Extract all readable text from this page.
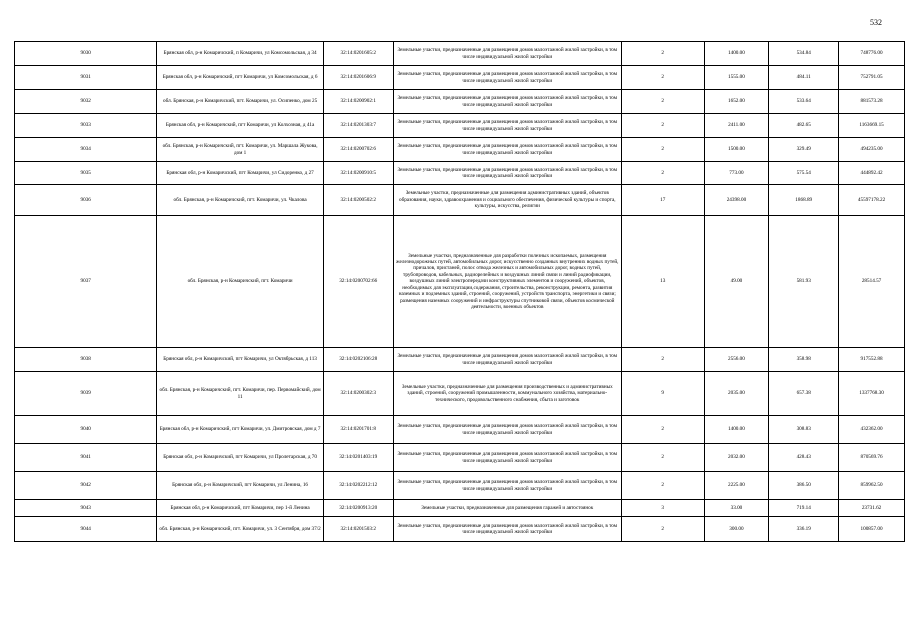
532
9030	Брянская обл, р-н Комаричский, п Комаричи, ул Комсомольская, д 34	32:14:0201605:2	Земельные участки, предназначенные для размещения домов малоэтажной жилой застройки, в том числе индивидуальной жилой застройки	2	1400.00	534.84	748776.00
9031	Брянская обл, р-н Комаричский, пгт Комаричи, ул Комсомольская, д 6	32:14:0201606:9	Земельные участки, предназначенные для размещения домов малоэтажной жилой застройки, в том числе индивидуальной жилой застройки	2	1555.00	484.11	752791.05
9032	обл. Брянская, р-н Комаричский, пгт. Комаричи, ул. Осипенко, дом 25	32:14:0200902:1	Земельные участки, предназначенные для размещения домов малоэтажной жилой застройки, в том числе индивидуальной жилой застройки	2	1652.00	533.64	881573.28
9033	Брянская обл, р-н Комаричский, пгт Комаричи, ул Колхозная, д 41а	32:14:0201303:7	Земельные участки, предназначенные для размещения домов малоэтажной жилой застройки, в том числе индивидуальной жилой застройки	2	2411.00	482.65	1163669.15
9034	обл. Брянская, р-н Комаричский, пгт. Комаричи, ул. Маршала Жукова, дом 1	32:14:0200702:6	Земельные участки, предназначенные для размещения домов малоэтажной жилой застройки, в том числе индивидуальной жилой застройки	2	1500.00	329.49	494235.00
9035	Брянская обл, р-н Комаричский, пгт Комаричи, ул Сидоренко, д 27	32:14:0200910:5	Земельные участки, предназначенные для размещения домов малоэтажной жилой застройки, в том числе индивидуальной жилой застройки	2	773.00	575.54	444892.42
9036	обл. Брянская, р-н Комаричский, пгт. Комаричи, ул. Чкалова	32:14:0200502:2	Земельные участки, предназначенные для размещения административных зданий, объектов образования, науки, здравоохранения и социального обеспечения, физической культуры и спорта, культуры, искусства, религии	17	24398.00	1868.89	45597178.22
9037	обл. Брянская, р-н Комаричский, пгт. Комаричи	32:14:0200702:66	Земельные участки, предназначенные для разработки полезных ископаемых, размещения железнодорожных путей, автомобильных дорог, искусственно созданных внутренних водных путей, причалов, пристаней, полос отвода железных и автомобильных дорог, водных путей, трубопроводов, кабельных, радиорелейных и воздушных линий связи и линий радиофикации, воздушных линий электропередачи конструктивных элементов и сооружений, объектов, необходимых для эксплуатации,содержания, строительства, реконструкции, ремонта, развития наземных и подземных зданий, строений, сооружений, устройств транспорта, энергетики и связи; размещения наземных сооружений и инфраструктуры спутниковой связи, объектов космической деятельности, военных объектов	13	49.00	581.93	28514.57
9038	Брянская обл, р-н Комаричский, пгт Комаричи, ул Октябрьская, д 113	32:14:0202106:28	Земельные участки, предназначенные для размещения домов малоэтажной жилой застройки, в том числе индивидуальной жилой застройки	2	2556.00	358.98	917552.88
9039	обл. Брянская, р-н Комаричский, пгт. Комаричи, пер. Первомайский, дом 11	32:14:0200302:3	Земельные участки, предназначенные для размещения производственных и административных зданий, строений, сооружений промышленности, коммунального хозяйства, материально-технического, продовольственного снабжения, сбыта и заготовок	9	2035.00	657.38	1337768.30
9040	Брянская обл, р-н Комаричский, пгт Комаричи, ул. Дмитровская, дом д 7	32:14:0201701:8	Земельные участки, предназначенные для размещения домов малоэтажной жилой застройки, в том числе индивидуальной жилой застройки	2	1400.00	308.83	432362.00
9041	Брянская обл, р-н Комаричский, пгт Комаричи, ул Пролетарская, д 70	32:14:0201403:19	Земельные участки, предназначенные для размещения домов малоэтажной жилой застройки, в том числе индивидуальной жилой застройки	2	2032.00	428.43	870569.76
9042	Брянская обл, р-н Комаричский, пгт Комаричи, ул Ленина, 16	32:14:0202212:12	Земельные участки, предназначенные для размещения домов малоэтажной жилой застройки, в том числе индивидуальной жилой застройки	2	2225.00	386.50	859962.50
9043	Брянская обл, р-н Комаричский, пгт Комаричи, пер 1-й Ленина	32:14:0200913:20	Земельные участки, предназначенные для размещения гаражей и автостоянок	3	33.00	719.14	23731.62
9044	обл. Брянская, р-н Комаричский, пгт. Комаричи, ул. 3 Сентября, дом 37/2	32:14:0201503:2	Земельные участки, предназначенные для размещения домов малоэтажной жилой застройки, в том числе индивидуальной жилой застройки	2	300.00	336.19	100857.00
